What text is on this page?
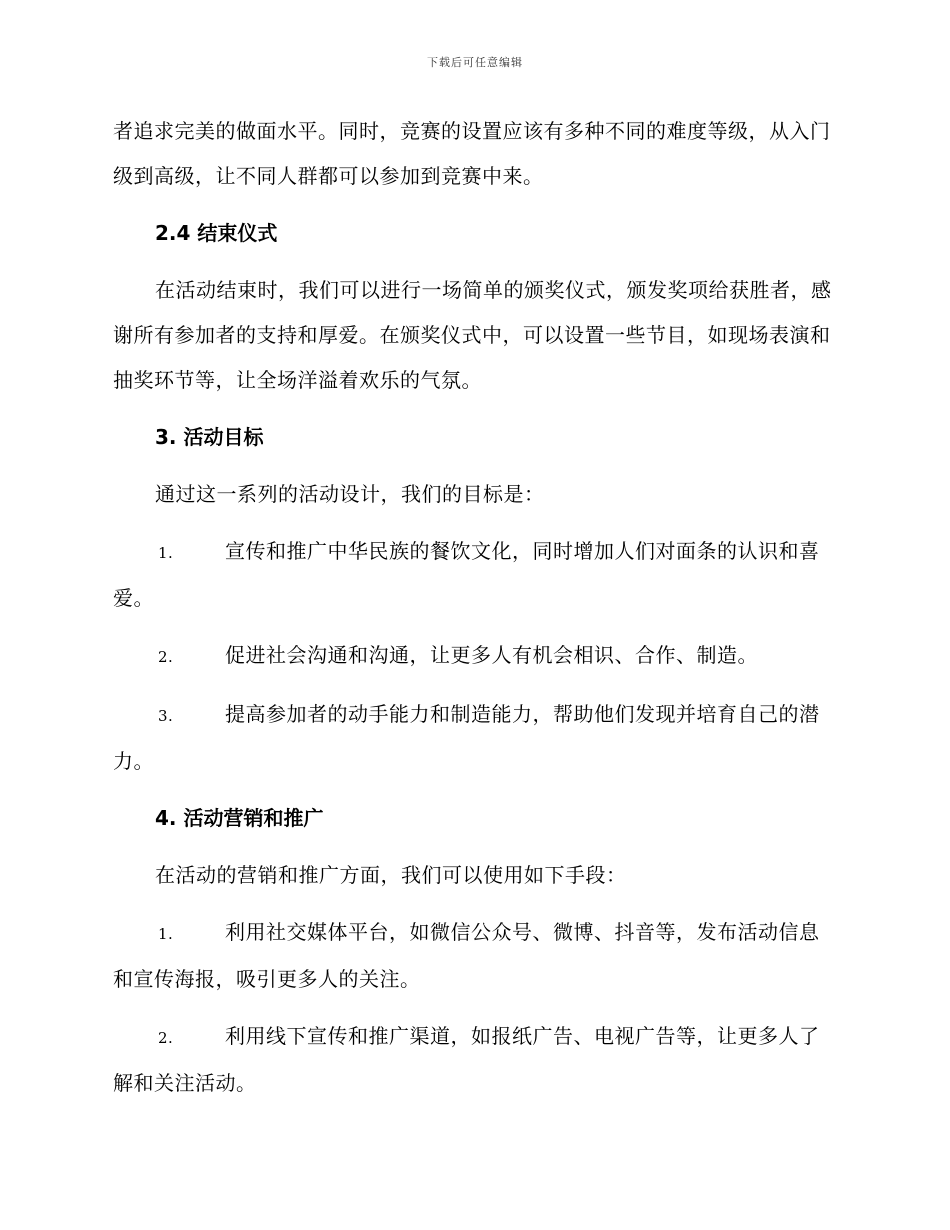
下载后可任意编辑

者追求完美的做面水平。同时，竞赛的设置应该有多种不同的难度等级，从入门级到高级，让不同人群都可以参加到竞赛中来。

2.4 结束仪式

在活动结束时，我们可以进行一场简单的颁奖仪式，颁发奖项给获胜者，感谢所有参加者的支持和厚爱。在颁奖仪式中，可以设置一些节目，如现场表演和抽奖环节等，让全场洋溢着欢乐的气氛。

3. 活动目标

通过这一系列的活动设计，我们的目标是：

1.	宣传和推广中华民族的餐饮文化，同时增加人们对面条的认识和喜爱。

2.	促进社会沟通和沟通，让更多人有机会相识、合作、制造。

3.	提高参加者的动手能力和制造能力，帮助他们发现并培育自己的潜力。

4. 活动营销和推广

在活动的营销和推广方面，我们可以使用如下手段：

1.	利用社交媒体平台，如微信公众号、微博、抖音等，发布活动信息和宣传海报，吸引更多人的关注。

2.	利用线下宣传和推广渠道，如报纸广告、电视广告等，让更多人了解和关注活动。
